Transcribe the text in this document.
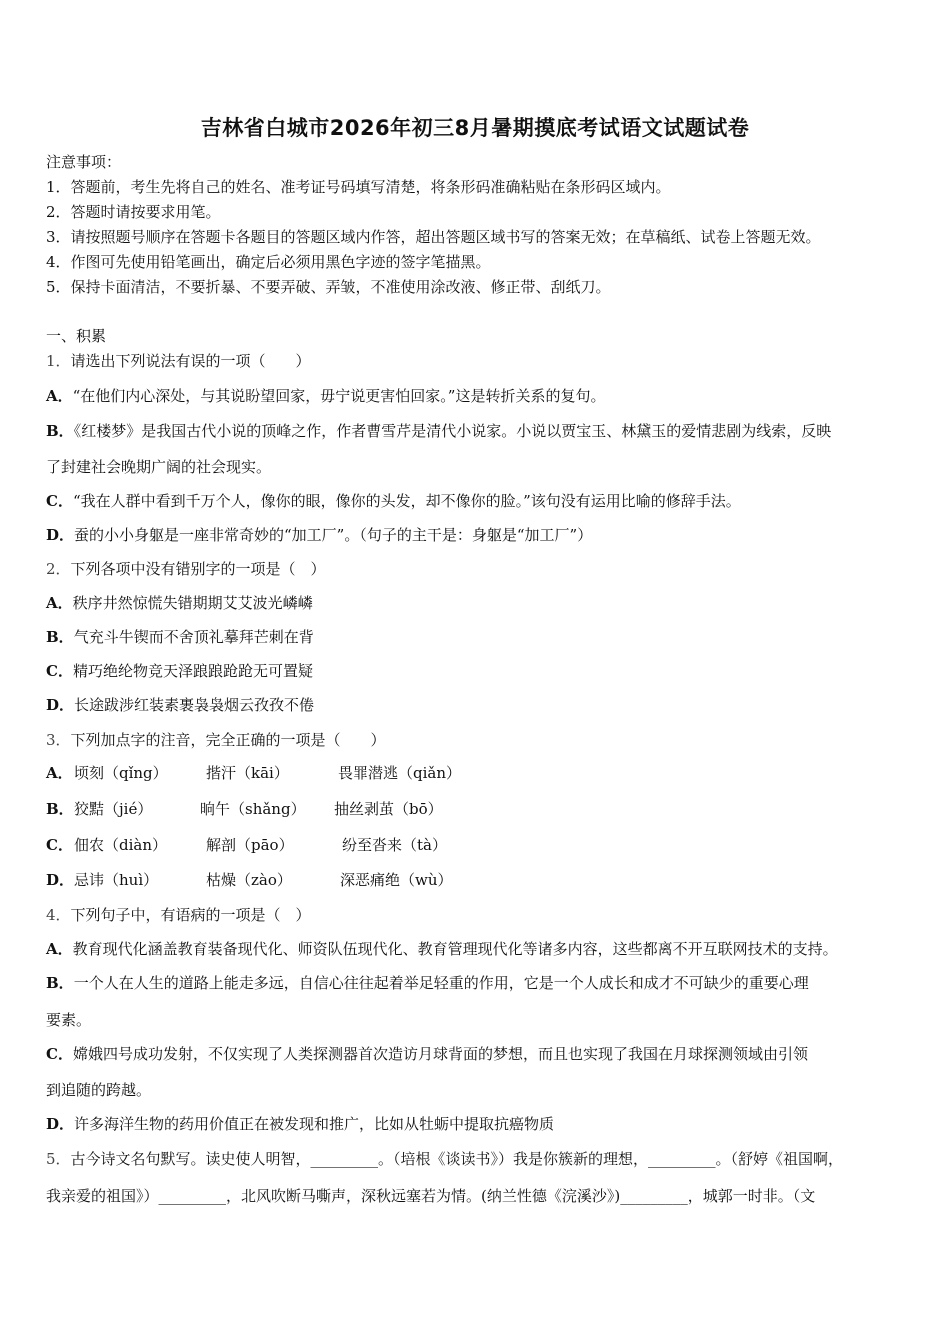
吉林省白城市2026年初三8月暑期摸底考试语文试题试卷
注意事项：
1．答题前，考生先将自己的姓名、准考证号码填写清楚，将条形码准确粘贴在条形码区域内。
2．答题时请按要求用笔。
3．请按照题号顺序在答题卡各题目的答题区域内作答，超出答题区域书写的答案无效；在草稿纸、试卷上答题无效。
4．作图可先使用铅笔画出，确定后必须用黑色字迹的签字笔描黑。
5．保持卡面清洁，不要折暴、不要弄破、弄皱，不准使用涂改液、修正带、刮纸刀。
一、积累
1．请选出下列说法有误的一项（　　）
A．“在他们内心深处，与其说盼望回家，毋宁说更害怕回家。”这是转折关系的复句。
B．《红楼梦》是我国古代小说的顶峰之作，作者曹雪芹是清代小说家。小说以贾宝玉、林黛玉的爱情悲剧为线索，反映
了封建社会晚期广阔的社会现实。
C．“我在人群中看到千万个人，像你的眼，像你的头发，却不像你的脸。”该句没有运用比喻的修辞手法。
D．蚕的小小身躯是一座非常奇妙的“加工厂”。（句子的主干是：身躯是“加工厂”）
2．下列各项中没有错别字的一项是（　）
A．秩序井然惊慌失错期期艾艾波光嶙嶙
B．气充斗牛锲而不舍顶礼摹拜芒刺在背
C．精巧绝纶物竞天泽踉踉跄跄无可置疑
D．长途跋涉红装素裹袅袅烟云孜孜不倦
3．下列加点字的注音，完全正确的一项是（　　）
A． 顷刻（qǐng）	揩汗（kāi）	畏罪潜逃（qiǎn）
B． 狡黠（jié）	晌午（shǎng） 抽丝剥茧（bō）
C． 佃农（diàn）	解剖（pāo）	纷至沓来（tà）
D． 忌讳（huì）	枯燥（zào）	深恶痛绝（wù）
4．下列句子中，有语病的一项是（　）
A．教育现代化涵盖教育装备现代化、师资队伍现代化、教育管理现代化等诸多内容，这些都离不开互联网技术的支持。
B．一个人在人生的道路上能走多远，自信心往往起着举足轻重的作用，它是一个人成长和成才不可缺少的重要心理
要素。
C．嫦娥四号成功发射，不仅实现了人类探测器首次造访月球背面的梦想，而且也实现了我国在月球探测领域由引领
到追随的跨越。
D．许多海洋生物的药用价值正在被发现和推广，比如从牡蛎中提取抗癌物质
5．古今诗文名句默写。读史使人明智，_________。（培根《谈读书》）我是你簇新的理想，_________。（舒婷《祖国啊，
我亲爱的祖国》）_________，北风吹断马嘶声，深秋远塞若为情。(纳兰性德《浣溪沙》)_________，城郭一时非。（文
